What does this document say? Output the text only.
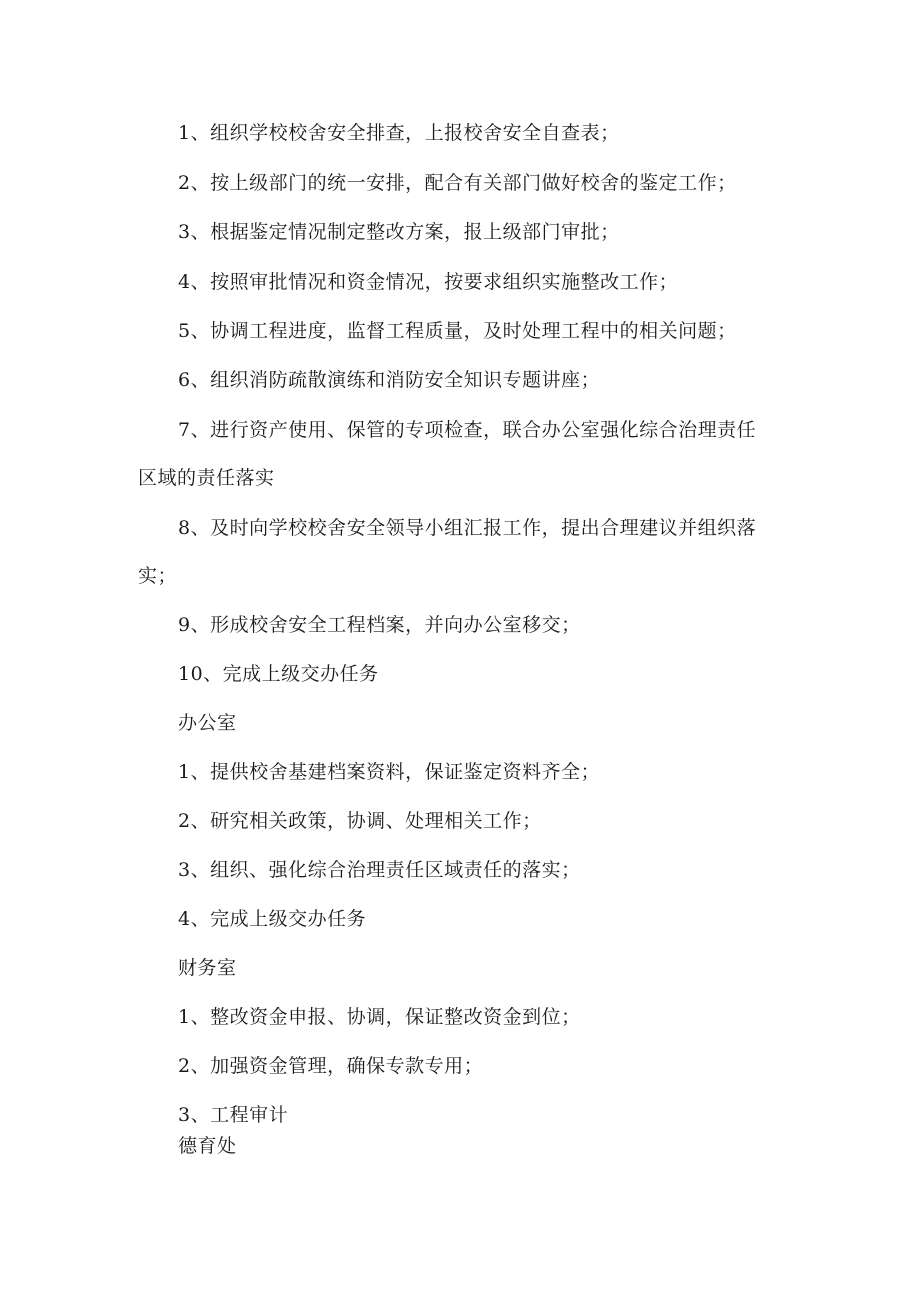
1、组织学校校舍安全排查，上报校舍安全自查表；
2、按上级部门的统一安排，配合有关部门做好校舍的鉴定工作；
3、根据鉴定情况制定整改方案，报上级部门审批；
4、按照审批情况和资金情况，按要求组织实施整改工作；
5、协调工程进度，监督工程质量，及时处理工程中的相关问题；
6、组织消防疏散演练和消防安全知识专题讲座；
7、进行资产使用、保管的专项检查，联合办公室强化综合治理责任
区域的责任落实
8、及时向学校校舍安全领导小组汇报工作，提出合理建议并组织落
实；
9、形成校舍安全工程档案，并向办公室移交；
10、完成上级交办任务
办公室
1、提供校舍基建档案资料，保证鉴定资料齐全；
2、研究相关政策，协调、处理相关工作；
3、组织、强化综合治理责任区域责任的落实；
4、完成上级交办任务
财务室
1、整改资金申报、协调，保证整改资金到位；
2、加强资金管理，确保专款专用；
3、工程审计
德育处
